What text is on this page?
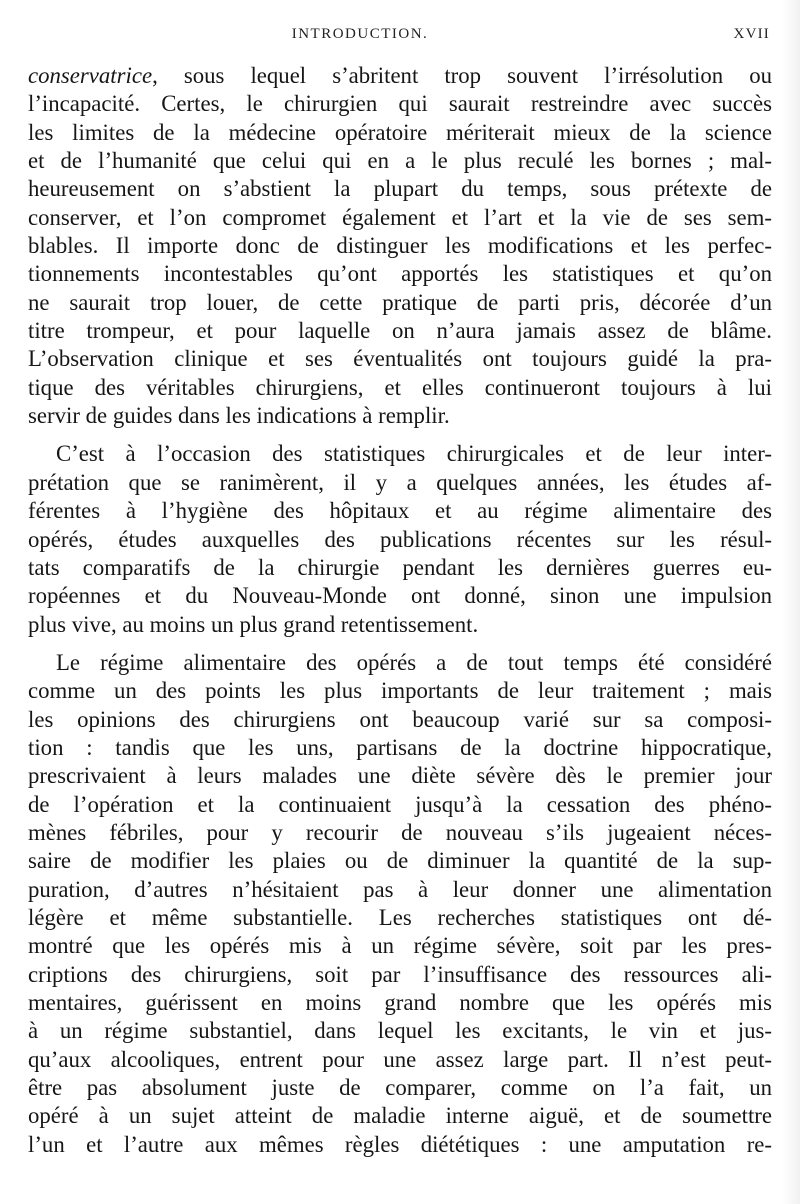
INTRODUCTION.	XVII
conservatrice, sous lequel s’abritent trop souvent l’irrésolution ou
l’incapacité. Certes, le chirurgien qui saurait restreindre avec succès
les limites de la médecine opératoire mériterait mieux de la science
et de l’humanité que celui qui en a le plus reculé les bornes ; mal-
heureusement on s’abstient la plupart du temps, sous prétexte de
conserver, et l’on compromet également et l’art et la vie de ses sem-
blables. Il importe donc de distinguer les modifications et les perfec-
tionnements incontestables qu’ont apportés les statistiques et qu’on
ne saurait trop louer, de cette pratique de parti pris, décorée d’un
titre trompeur, et pour laquelle on n’aura jamais assez de blâme.
L’observation clinique et ses éventualités ont toujours guidé la pra-
tique des véritables chirurgiens, et elles continueront toujours à lui
servir de guides dans les indications à remplir.
C’est à l’occasion des statistiques chirurgicales et de leur inter-
prétation que se ranimèrent, il y a quelques années, les études af-
férentes à l’hygiène des hôpitaux et au régime alimentaire des
opérés, études auxquelles des publications récentes sur les résul-
tats comparatifs de la chirurgie pendant les dernières guerres eu-
ropéennes et du Nouveau-Monde ont donné, sinon une impulsion
plus vive, au moins un plus grand retentissement.
Le régime alimentaire des opérés a de tout temps été considéré
comme un des points les plus importants de leur traitement ; mais
les opinions des chirurgiens ont beaucoup varié sur sa composi-
tion : tandis que les uns, partisans de la doctrine hippocratique,
prescrivaient à leurs malades une diète sévère dès le premier jour
de l’opération et la continuaient jusqu’à la cessation des phéno-
mènes fébriles, pour y recourir de nouveau s’ils jugeaient néces-
saire de modifier les plaies ou de diminuer la quantité de la sup-
puration, d’autres n’hésitaient pas à leur donner une alimentation
légère et même substantielle. Les recherches statistiques ont dé-
montré que les opérés mis à un régime sévère, soit par les pres-
criptions des chirurgiens, soit par l’insuffisance des ressources ali-
mentaires, guérissent en moins grand nombre que les opérés mis
à un régime substantiel, dans lequel les excitants, le vin et jus-
qu’aux alcooliques, entrent pour une assez large part. Il n’est peut-
être pas absolument juste de comparer, comme on l’a fait, un
opéré à un sujet atteint de maladie interne aiguë, et de soumettre
l’un et l’autre aux mêmes règles diététiques : une amputation re-
